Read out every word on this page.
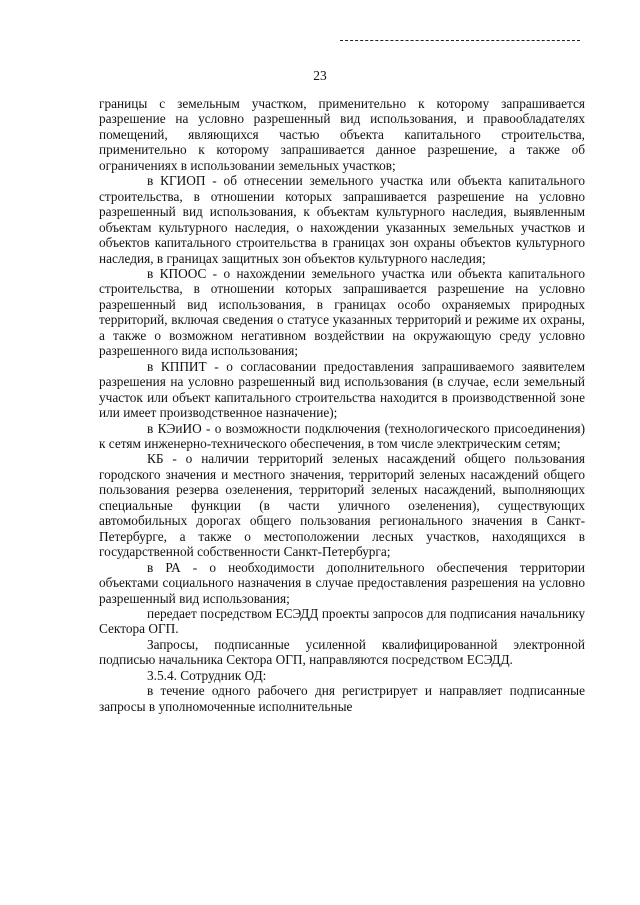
23

границы с земельным участком, применительно к которому запрашивается разрешение на условно разрешенный вид использования, и правообладателях помещений, являющихся частью объекта капитального строительства, применительно к которому запрашивается данное разрешение, а также об ограничениях в использовании земельных участков;

в КГИОП - об отнесении земельного участка или объекта капитального строительства, в отношении которых запрашивается разрешение на условно разрешенный вид использования, к объектам культурного наследия, выявленным объектам культурного наследия, о нахождении указанных земельных участков и объектов капитального строительства в границах зон охраны объектов культурного наследия, в границах защитных зон объектов культурного наследия;

в КПООС - о нахождении земельного участка или объекта капитального строительства, в отношении которых запрашивается разрешение на условно разрешенный вид использования, в границах особо охраняемых природных территорий, включая сведения о статусе указанных территорий и режиме их охраны, а также о возможном негативном воздействии на окружающую среду условно разрешенного вида использования;

в КППИТ - о согласовании предоставления запрашиваемого заявителем разрешения на условно разрешенный вид использования (в случае, если земельный участок или объект капитального строительства находится в производственной зоне или имеет производственное назначение);

в КЭиИО - о возможности подключения (технологического присоединения) к сетям инженерно-технического обеспечения, в том числе электрическим сетям;

КБ - о наличии территорий зеленых насаждений общего пользования городского значения и местного значения, территорий зеленых насаждений общего пользования резерва озеленения, территорий зеленых насаждений, выполняющих специальные функции (в части уличного озеленения), существующих автомобильных дорогах общего пользования регионального значения в Санкт-Петербурге, а также о местоположении лесных участков, находящихся в государственной собственности Санкт-Петербурга;

в РА - о необходимости дополнительного обеспечения территории объектами социального назначения в случае предоставления разрешения на условно разрешенный вид использования;

передает посредством ЕСЭДД проекты запросов для подписания начальнику Сектора ОГП.

Запросы, подписанные усиленной квалифицированной электронной подписью начальника Сектора ОГП, направляются посредством ЕСЭДД.

3.5.4. Сотрудник ОД:

в течение одного рабочего дня регистрирует и направляет подписанные запросы в уполномоченные исполнительные
